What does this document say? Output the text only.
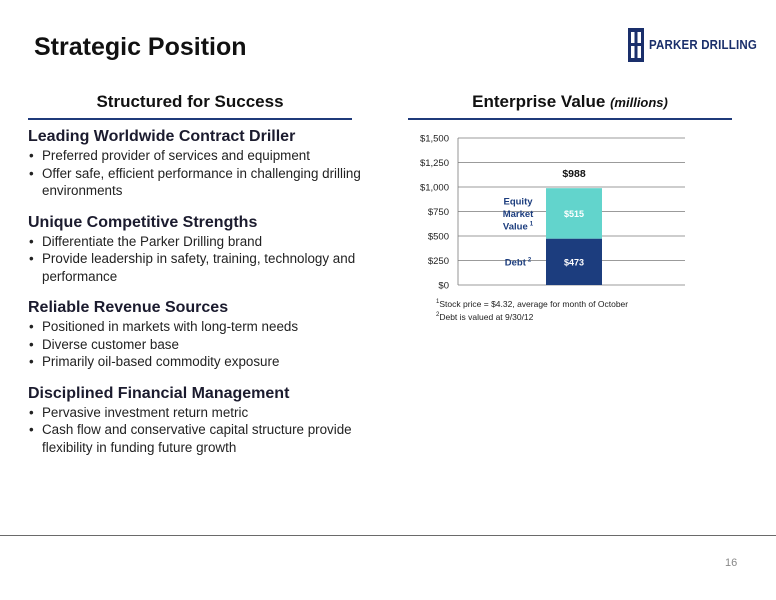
Strategic Position	PARKER DRILLING
Structured for Success	Enterprise Value (millions)
Leading Worldwide Contract Driller
• Preferred provider of services and equipment
• Offer safe, efficient performance in challenging drilling environments
Unique Competitive Strengths
• Differentiate the Parker Drilling brand
• Provide leadership in safety, training, technology and performance
Reliable Revenue Sources
• Positioned in markets with long-term needs
• Diverse customer base
• Primarily oil-based commodity exposure
Disciplined Financial Management
• Pervasive investment return metric
• Cash flow and conservative capital structure provide flexibility in funding future growth
$1,500
$1,250
$1,000
$750
$500
$250
$0
$473
Debt $^2$
$515
Equity
Market
Value $^1$
$988
$^1$Stock price = $4.32, average for month of October
$^2$Debt is valued at 9/30/12
16
